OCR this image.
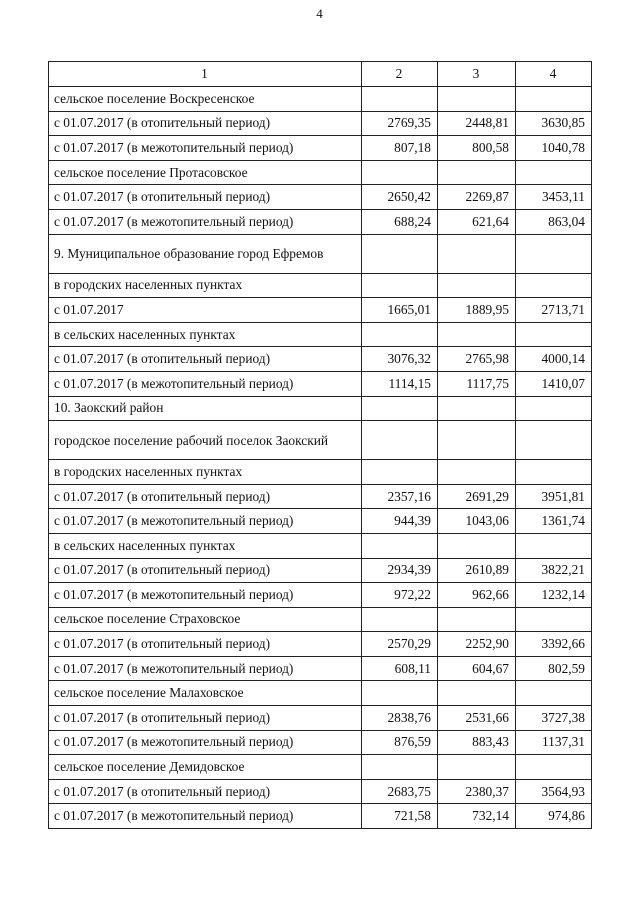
4
1	2	3	4
сельское поселение Воскресенское			
с 01.07.2017 (в отопительный период)	2769,35	2448,81	3630,85
с 01.07.2017 (в межотопительный период)	807,18	800,58	1040,78
сельское поселение Протасовское			
с 01.07.2017 (в отопительный период)	2650,42	2269,87	3453,11
с 01.07.2017 (в межотопительный период)	688,24	621,64	863,04
9. Муниципальное образование город Ефремов			
в городских населенных пунктах			
с 01.07.2017	1665,01	1889,95	2713,71
в сельских населенных пунктах			
с 01.07.2017 (в отопительный период)	3076,32	2765,98	4000,14
с 01.07.2017 (в межотопительный период)	1114,15	1117,75	1410,07
10. Заокский район			
городское поселение рабочий поселок Заокский			
в городских населенных пунктах			
с 01.07.2017 (в отопительный период)	2357,16	2691,29	3951,81
с 01.07.2017 (в межотопительный период)	944,39	1043,06	1361,74
в сельских населенных пунктах			
с 01.07.2017 (в отопительный период)	2934,39	2610,89	3822,21
с 01.07.2017 (в межотопительный период)	972,22	962,66	1232,14
сельское поселение Страховское			
с 01.07.2017 (в отопительный период)	2570,29	2252,90	3392,66
с 01.07.2017 (в межотопительный период)	608,11	604,67	802,59
сельское поселение Малаховское			
с 01.07.2017 (в отопительный период)	2838,76	2531,66	3727,38
с 01.07.2017 (в межотопительный период)	876,59	883,43	1137,31
сельское поселение Демидовское			
с 01.07.2017 (в отопительный период)	2683,75	2380,37	3564,93
с 01.07.2017 (в межотопительный период)	721,58	732,14	974,86
